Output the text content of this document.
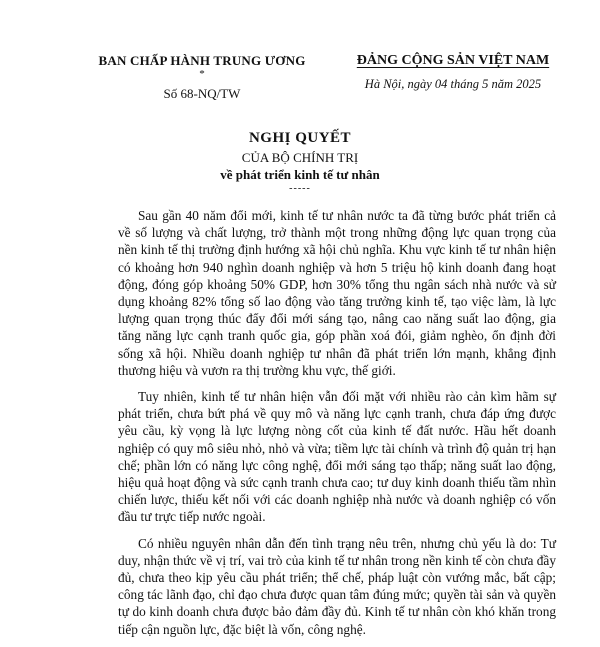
BAN CHẤP HÀNH TRUNG ƯƠNG
*
Số 68-NQ/TW
ĐẢNG CỘNG SẢN VIỆT NAM
Hà Nội, ngày 04 tháng 5 năm 2025
NGHỊ QUYẾT
CỦA BỘ CHÍNH TRỊ
về phát triển kinh tế tư nhân
-----

Sau gần 40 năm đổi mới, kinh tế tư nhân nước ta đã từng bước phát triển cả về số lượng và chất lượng, trở thành một trong những động lực quan trọng của nền kinh tế thị trường định hướng xã hội chủ nghĩa. Khu vực kinh tế tư nhân hiện có khoảng hơn 940 nghìn doanh nghiệp và hơn 5 triệu hộ kinh doanh đang hoạt động, đóng góp khoảng 50% GDP, hơn 30% tổng thu ngân sách nhà nước và sử dụng khoảng 82% tổng số lao động vào tăng trưởng kinh tế, tạo việc làm, là lực lượng quan trọng thúc đẩy đổi mới sáng tạo, nâng cao năng suất lao động, gia tăng năng lực cạnh tranh quốc gia, góp phần xoá đói, giảm nghèo, ổn định đời sống xã hội. Nhiều doanh nghiệp tư nhân đã phát triển lớn mạnh, khẳng định thương hiệu và vươn ra thị trường khu vực, thế giới.

Tuy nhiên, kinh tế tư nhân hiện vẫn đối mặt với nhiều rào cản kìm hãm sự phát triển, chưa bứt phá về quy mô và năng lực cạnh tranh, chưa đáp ứng được yêu cầu, kỳ vọng là lực lượng nòng cốt của kinh tế đất nước. Hầu hết doanh nghiệp có quy mô siêu nhỏ, nhỏ và vừa; tiềm lực tài chính và trình độ quản trị hạn chế; phần lớn có năng lực công nghệ, đổi mới sáng tạo thấp; năng suất lao động, hiệu quả hoạt động và sức cạnh tranh chưa cao; tư duy kinh doanh thiếu tầm nhìn chiến lược, thiếu kết nối với các doanh nghiệp nhà nước và doanh nghiệp có vốn đầu tư trực tiếp nước ngoài.

Có nhiều nguyên nhân dẫn đến tình trạng nêu trên, nhưng chủ yếu là do: Tư duy, nhận thức về vị trí, vai trò của kinh tế tư nhân trong nền kinh tế còn chưa đầy đủ, chưa theo kịp yêu cầu phát triển; thể chế, pháp luật còn vướng mắc, bất cập; công tác lãnh đạo, chỉ đạo chưa được quan tâm đúng mức; quyền tài sản và quyền tự do kinh doanh chưa được bảo đảm đầy đủ. Kinh tế tư nhân còn khó khăn trong tiếp cận nguồn lực, đặc biệt là vốn, công nghệ.
